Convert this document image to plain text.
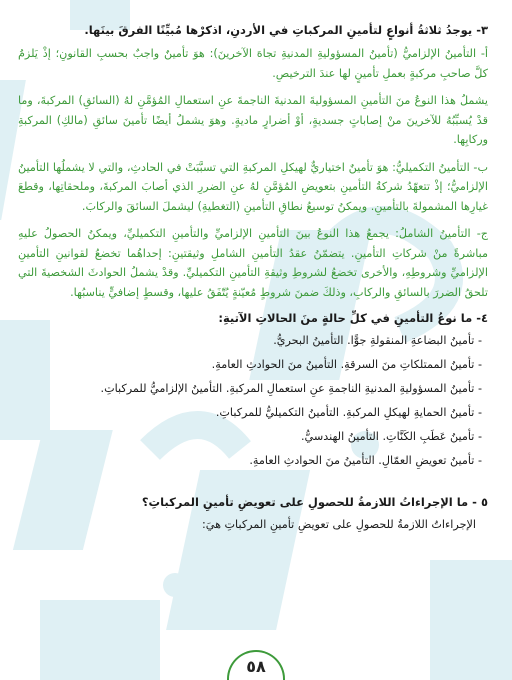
٣- يوجدُ ثلاثةُ أنواعٍ لتأمينِ المركباتِ في الأردنِ، اذكرْها مُبيِّنًا الفرقَ بينَها.

أ- التأمينُ الإلزاميُّ (تأمينُ المسؤوليةِ المدنيةِ تجاهَ الآخرينَ): هوَ تأمينٌ واجبٌ بحسبِ القانونِ؛ إذْ يَلزمُ كلَّ صاحبِ مركبةٍ بعملِ تأمينٍ لها عندَ الترخيصِ.

يشملُ هذا النوعُ منَ التأمينِ المسؤوليةَ المدنيةَ الناجمةَ عنِ استعمالِ المُؤمَّنِ لهُ (السائقِ) المركبةَ، وما قدْ يُسبِّبُهُ للآخرينَ منْ إصاباتٍ جسديةٍ، أوْ أضرارٍ ماديةٍ. وهوَ يشملُ أيضًا تأمينَ سائقِ (مالكِ) المركبةِ وركابِها.

ب- التأمينُ التكميليُّ: هوَ تأمينٌ اختياريٌّ لهيكلِ المركبةِ التي تسبَّبَتْ في الحادثِ، والتي لا يشملُها التأمينُ الإلزاميُّ؛ إذْ تتعهّدُ شركةُ التأمينِ بتعويضِ المُؤمَّنِ لهُ عنِ الضررِ الذي أصابَ المركبةَ، وملحقاتِها، وقطعَ غيارِها المشمولةَ بالتأمينِ. ويمكنُ توسيعُ نطاقِ التأمينِ (التغطيةِ) ليشملَ السائقَ والركابَ.

ج- التأمينُ الشاملُ: يجمعُ هذا النوعُ بينَ التأمينِ الإلزاميِّ والتأمينِ التكميليِّ، ويمكنُ الحصولُ عليهِ مباشرةً منْ شركاتِ التأمينِ. يتضمّنُ عقدُ التأمينِ الشاملِ وثيقتينِ: إحداهُما تخضعُ لقوانينِ التأمينِ الإلزاميِّ وشروطِهِ، والأخرى تخضعُ لشروطِ وثيقةِ التأمينِ التكميليِّ. وقدْ يشملُ الحوادثَ الشخصيةَ التي تلحقُ الضررَ بالسائقِ والركابِ، وذلكَ ضمنَ شروطٍ مُعيّنةٍ يُتّفَقُ عليها، وقسطٍ إضافيٍّ يناسبُها.

٤- ما نوعُ التأمينِ في كلِّ حالةٍ منَ الحالاتِ الآتيةِ:

- تأمينُ البضاعةِ المنقولةِ جوًّا. التأمينُ البحريُّ.
- تأمينُ الممتلكاتِ منَ السرقةِ. التأمينُ منَ الحوادثِ العامةِ.
- تأمينُ المسؤوليةِ المدنيةِ الناجمةِ عنِ استعمالِ المركبةِ. التأمينُ الإلزاميُّ للمركباتِ.
- تأمينُ الحمايةِ لهيكلِ المركبةِ. التأمينُ التكميليُّ للمركباتِ.
- تأمينُ عَطَبِ الكَنَّاتِ. التأمينُ الهندسيُّ.
- تأمينُ تعويضِ العمّالِ. التأمينُ منَ الحوادثِ العامةِ.

٥ - ما الإجراءاتُ اللازمةُ للحصولِ على تعويضِ تأمينِ المركباتِ؟

الإجراءاتُ اللازمةُ للحصولِ على تعويضِ تأمينِ المركباتِ هيَ:

٥٨
